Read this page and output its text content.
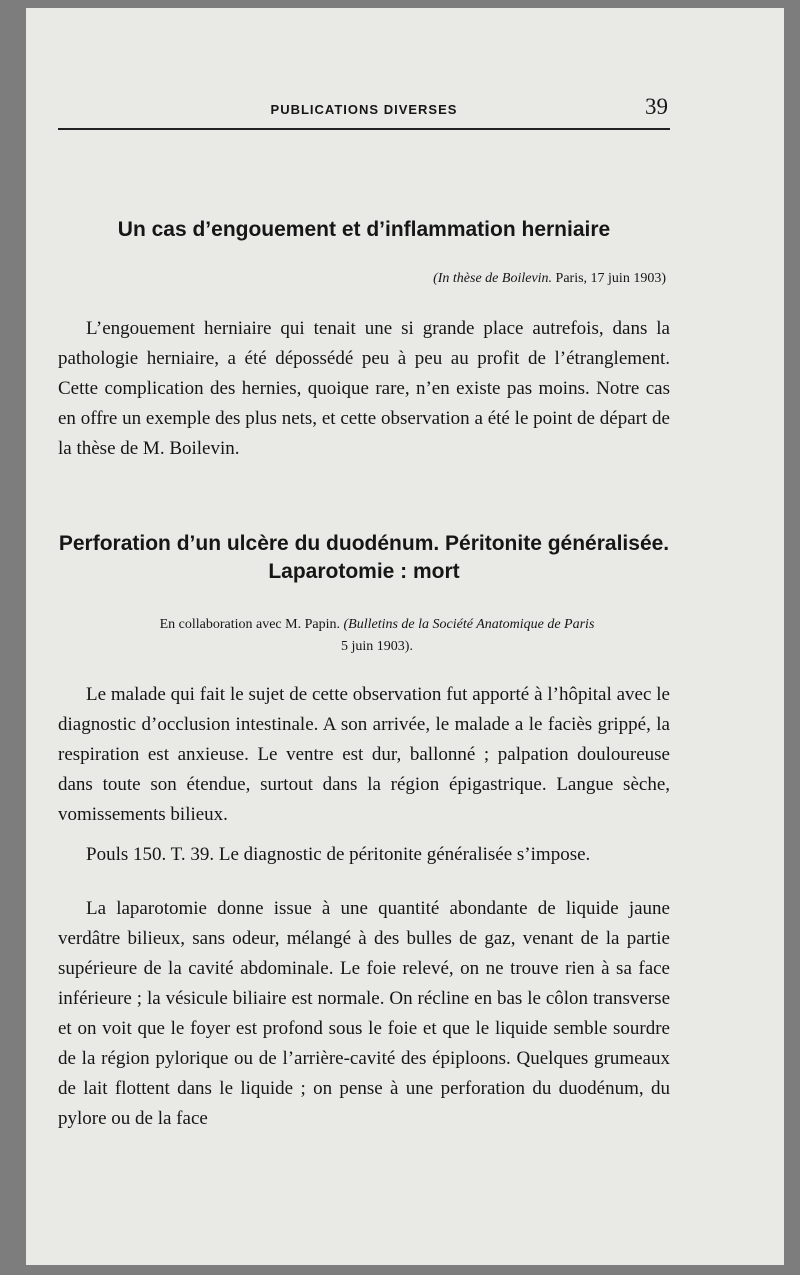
PUBLICATIONS DIVERSES	39
Un cas d’engouement et d’inflammation herniaire
(In thèse de Boilevin. Paris, 17 juin 1903)

L’engouement herniaire qui tenait une si grande place autrefois, dans la pathologie herniaire, a été dépossédé peu à peu au profit de l’étranglement. Cette complication des hernies, quoique rare, n’en existe pas moins. Notre cas en offre un exemple des plus nets, et cette observation a été le point de départ de la thèse de M. Boilevin.

Perforation d’un ulcère du duodénum. Péritonite généralisée. Laparotomie : mort
En collaboration avec M. Papin. (Bulletins de la Société Anatomique de Paris
5 juin 1903).

Le malade qui fait le sujet de cette observation fut apporté à l’hôpital avec le diagnostic d’occlusion intestinale. A son arrivée, le malade a le faciès grippé, la respiration est anxieuse. Le ventre est dur, ballonné ; palpation douloureuse dans toute son étendue, surtout dans la région épigastrique. Langue sèche, vomissements bilieux.

Pouls 150. T. 39. Le diagnostic de péritonite généralisée s’impose.

La laparotomie donne issue à une quantité abondante de liquide jaune verdâtre bilieux, sans odeur, mélangé à des bulles de gaz, venant de la partie supérieure de la cavité abdominale. Le foie relevé, on ne trouve rien à sa face inférieure ; la vésicule biliaire est normale. On récline en bas le côlon transverse et on voit que le foyer est profond sous le foie et que le liquide semble sourdre de la région pylorique ou de l’arrière-cavité des épiploons. Quelques grumeaux de lait flottent dans le liquide ; on pense à une perforation du duodénum, du pylore ou de la face
